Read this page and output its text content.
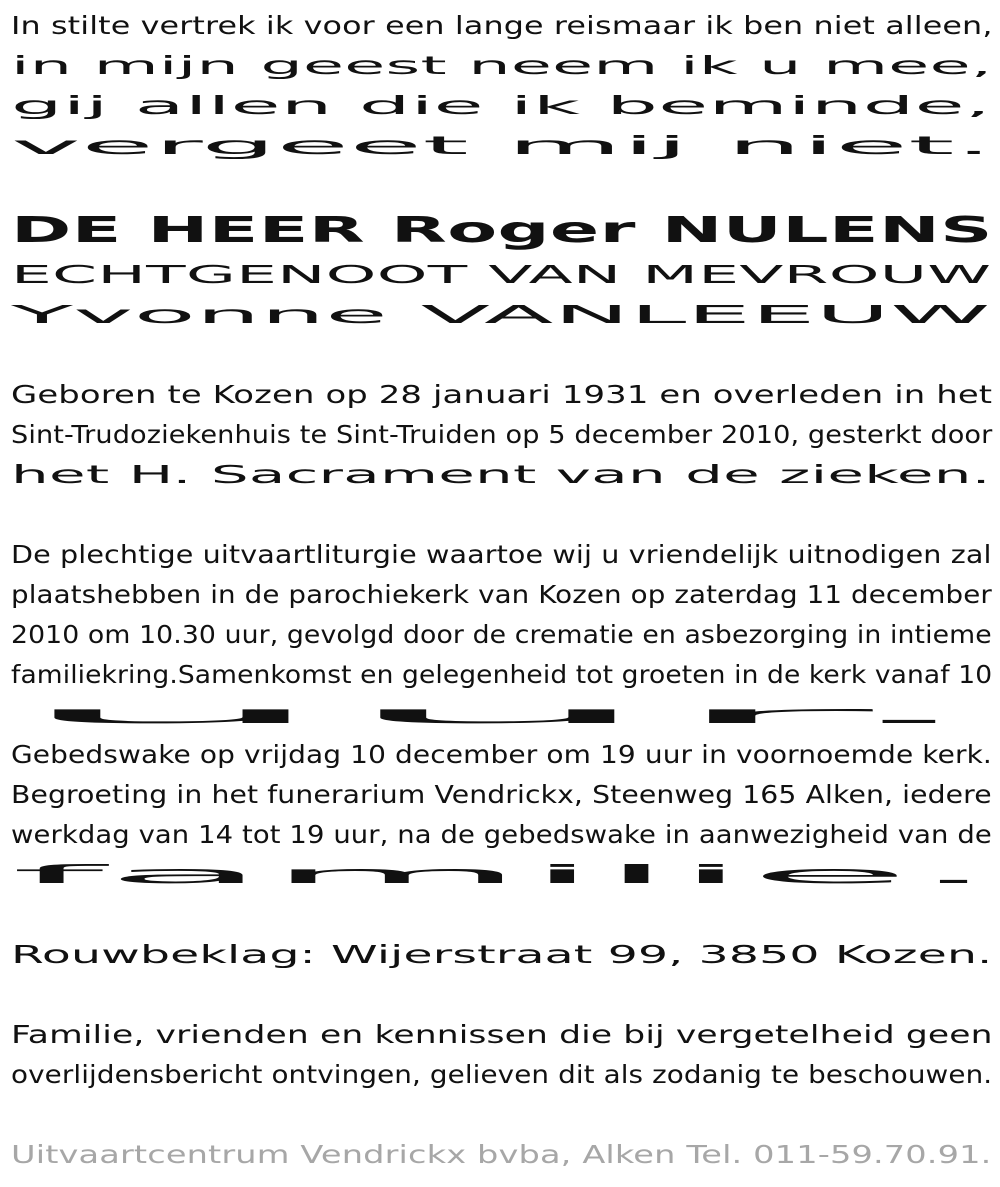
In stilte vertrek ik voor een lange reismaar ik ben niet alleen,
in mijn geest neem ik u mee,
gij allen die ik beminde,
vergeet mij niet.
DE HEER Roger NULENS
ECHTGENOOT VAN MEVROUW
Yvonne VANLEEUW
Geboren te Kozen op 28 januari 1931 en overleden in het
Sint-Trudoziekenhuis te Sint-Truiden op 5 december 2010, gesterkt door
het H. Sacrament van de zieken.
De plechtige uitvaartliturgie waartoe wij u vriendelijk uitnodigen zal
plaatshebben in de parochiekerk van Kozen op zaterdag 11 december
2010 om 10.30 uur, gevolgd door de crematie en asbezorging in intieme
familiekring.Samenkomst en gelegenheid tot groeten in de kerk vanaf 10
uur.
Gebedswake op vrijdag 10 december om 19 uur in voornoemde kerk.
Begroeting in het funerarium Vendrickx, Steenweg 165 Alken, iedere
werkdag van 14 tot 19 uur, na de gebedswake in aanwezigheid van de
familie.
Rouwbeklag: Wijerstraat 99, 3850 Kozen.
Familie, vrienden en kennissen die bij vergetelheid geen
overlijdensbericht ontvingen, gelieven dit als zodanig te beschouwen.
Uitvaartcentrum Vendrickx bvba, Alken Tel. 011-59.70.91.
